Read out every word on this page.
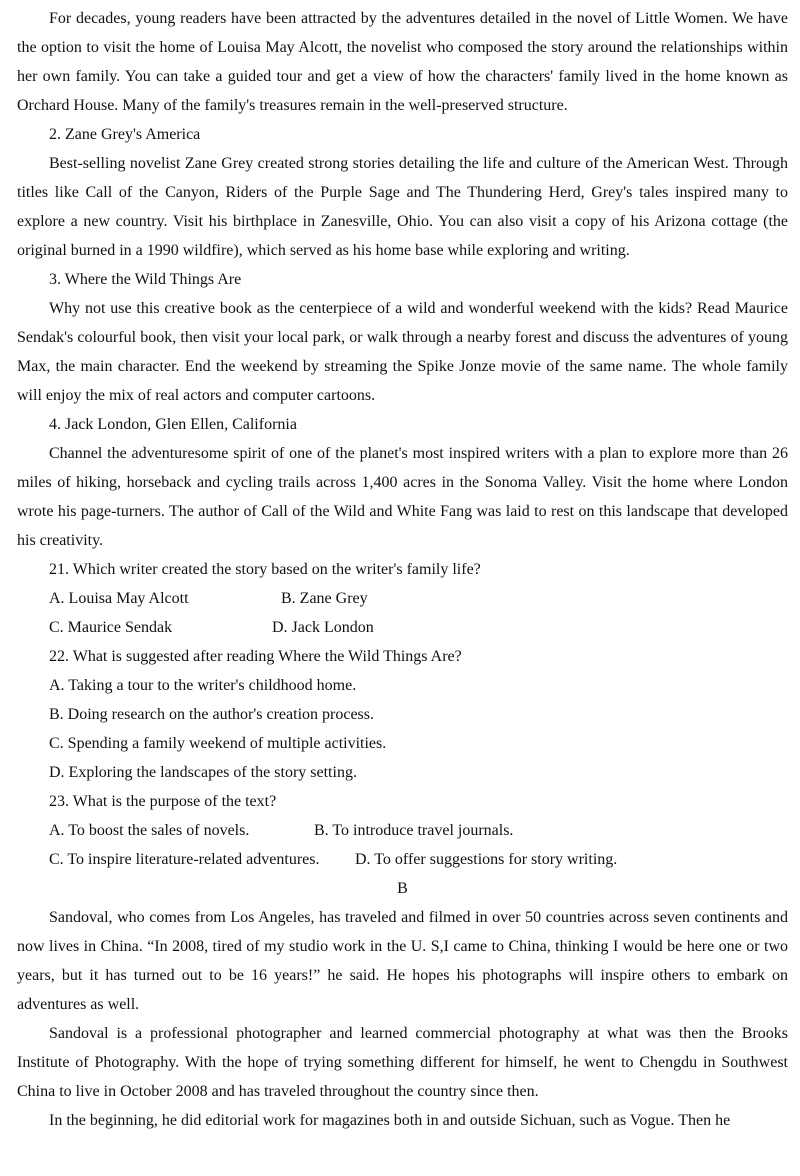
For decades, young readers have been attracted by the adventures detailed in the novel of Little Women. We have the option to visit the home of Louisa May Alcott, the novelist who composed the story around the relationships within her own family. You can take a guided tour and get a view of how the characters' family lived in the home known as Orchard House. Many of the family's treasures remain in the well-preserved structure.

2. Zane Grey's America

Best-selling novelist Zane Grey created strong stories detailing the life and culture of the American West. Through titles like Call of the Canyon, Riders of the Purple Sage and The Thundering Herd, Grey's tales inspired many to explore a new country. Visit his birthplace in Zanesville, Ohio. You can also visit a copy of his Arizona cottage (the original burned in a 1990 wildfire), which served as his home base while exploring and writing.

3. Where the Wild Things Are

Why not use this creative book as the centerpiece of a wild and wonderful weekend with the kids? Read Maurice Sendak's colourful book, then visit your local park, or walk through a nearby forest and discuss the adventures of young Max, the main character. End the weekend by streaming the Spike Jonze movie of the same name. The whole family will enjoy the mix of real actors and computer cartoons.

4. Jack London, Glen Ellen, California

Channel the adventuresome spirit of one of the planet's most inspired writers with a plan to explore more than 26 miles of hiking, horseback and cycling trails across 1,400 acres in the Sonoma Valley. Visit the home where London wrote his page-turners. The author of Call of the Wild and White Fang was laid to rest on this landscape that developed his creativity.

21. Which writer created the story based on the writer's family life?

A. Louisa May Alcott	B. Zane Grey
C. Maurice Sendak	D. Jack London

22. What is suggested after reading Where the Wild Things Are?

A. Taking a tour to the writer's childhood home.

B. Doing research on the author's creation process.

C. Spending a family weekend of multiple activities.

D. Exploring the landscapes of the story setting.

23. What is the purpose of the text?

A. To boost the sales of novels.	B. To introduce travel journals.
C. To inspire literature-related adventures. D. To offer suggestions for story writing.

B

Sandoval, who comes from Los Angeles, has traveled and filmed in over 50 countries across seven continents and now lives in China. “In 2008, tired of my studio work in the U. S,I came to China, thinking I would be here one or two years, but it has turned out to be 16 years!” he said. He hopes his photographs will inspire others to embark on adventures as well.

Sandoval is a professional photographer and learned commercial photography at what was then the Brooks Institute of Photography. With the hope of trying something different for himself, he went to Chengdu in Southwest China to live in October 2008 and has traveled throughout the country since then.

In the beginning, he did editorial work for magazines both in and outside Sichuan, such as Vogue. Then he
